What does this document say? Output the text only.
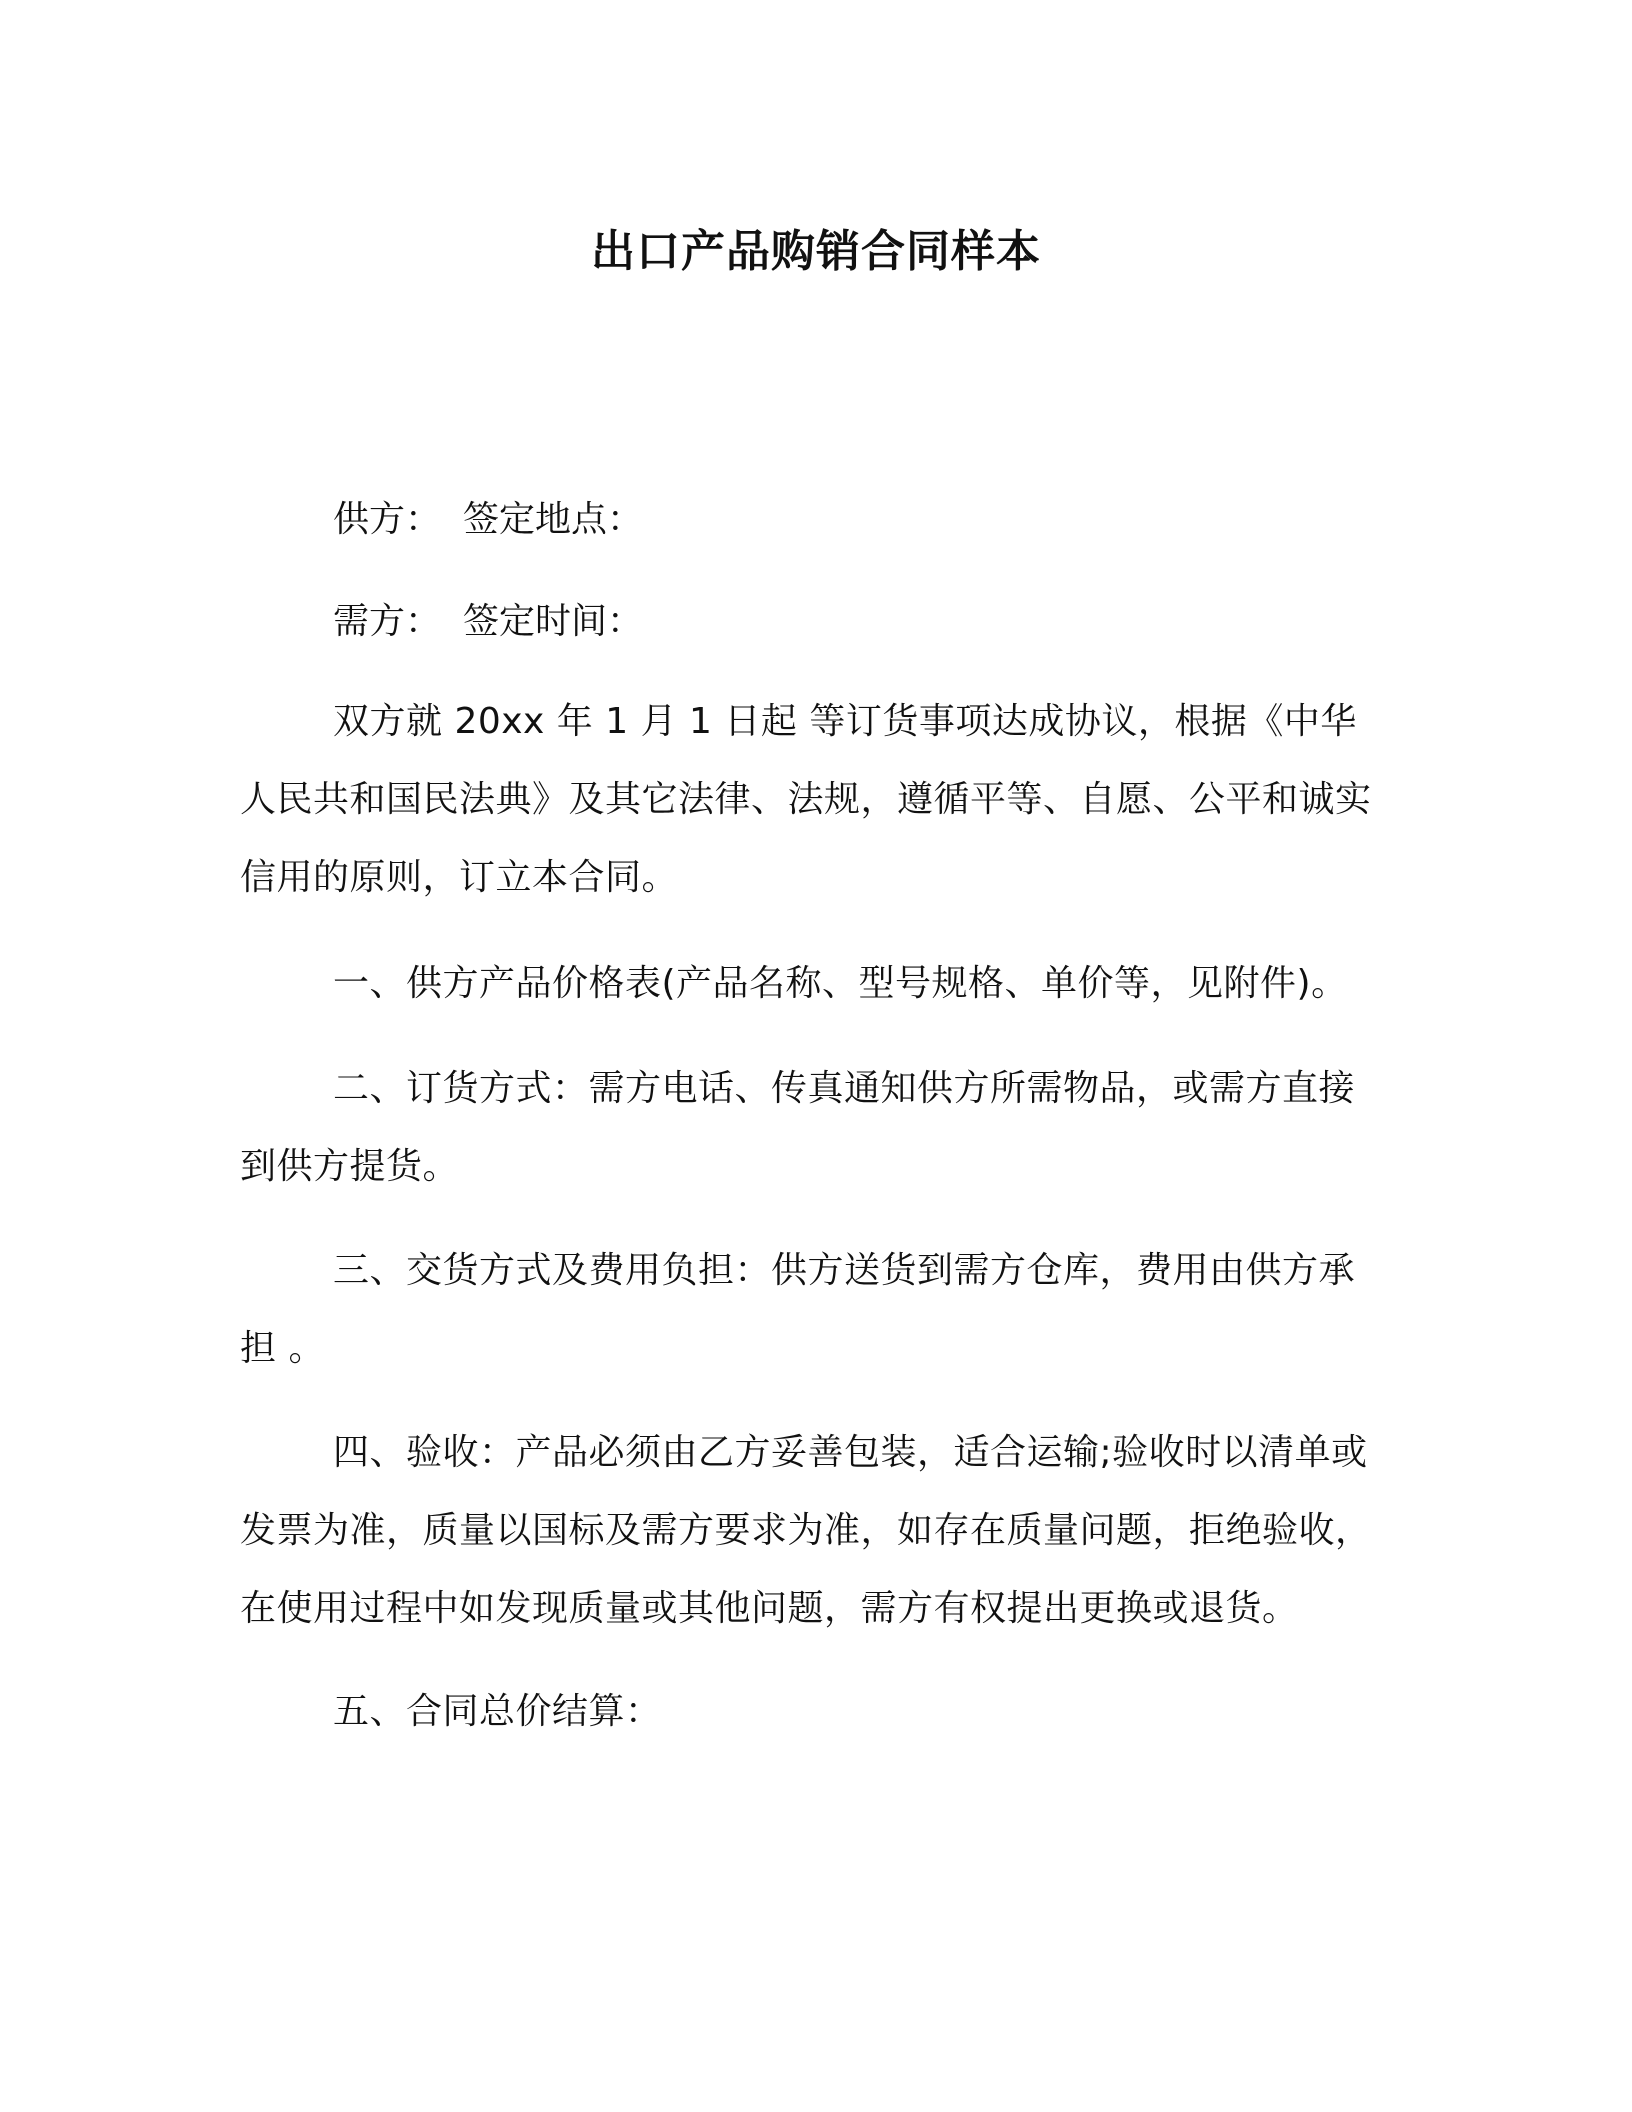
出口产品购销合同样本
供方： 签定地点：
需方： 签定时间：

双方就 20xx 年 1 月 1 日起 等订货事项达成协议，根据《中华人民共和国民法典》及其它法律、法规，遵循平等、自愿、公平和诚实信用的原则，订立本合同。

一、供方产品价格表(产品名称、型号规格、单价等，见附件)。

二、订货方式：需方电话、传真通知供方所需物品，或需方直接到供方提货。

三、交货方式及费用负担：供方送货到需方仓库，费用由供方承担 。

四、验收：产品必须由乙方妥善包装，适合运输;验收时以清单或发票为准，质量以国标及需方要求为准，如存在质量问题，拒绝验收，在使用过程中如发现质量或其他问题，需方有权提出更换或退货。

五、合同总价结算：
